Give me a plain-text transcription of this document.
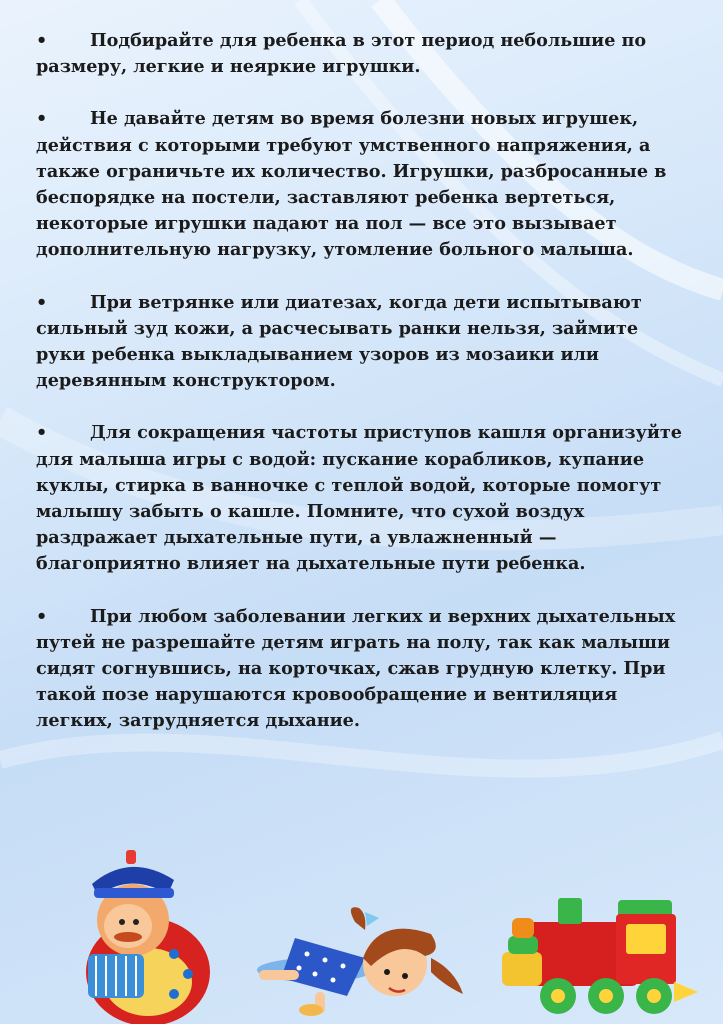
• Подбирайте для ребенка в этот период небольшие по размеру, легкие и неяркие игрушки.

• Не давайте детям во время болезни новых игрушек, действия с которыми требуют умственного напряжения, а также ограничьте их количество. Игрушки, разбросанные в беспорядке на постели, заставляют ребенка вертеться, некоторые игрушки падают на пол — все это вызывает дополнительную нагрузку, утомление больного малыша.

• При ветрянке или диатезах, когда дети испытывают сильный зуд кожи, а расчесывать ранки нельзя, займите руки ребенка выкладыванием узоров из мозаики или деревянным конструктором.

• Для сокращения частоты приступов кашля организуйте для малыша игры с водой: пускание корабликов, купание куклы, стирка в ванночке с теплой водой, которые помогут малышу забыть о кашле. Помните, что сухой воздух раздражает дыхательные пути, а увлажненный — благоприятно влияет на дыхательные пути ребенка.

• При любом заболевании легких и верхних дыхательных путей не разрешайте детям играть на полу, так как малыши сидят согнувшись, на корточках, сжав грудную клетку. При такой позе нарушаются кровообращение и вентиляция легких, затрудняется дыхание.
